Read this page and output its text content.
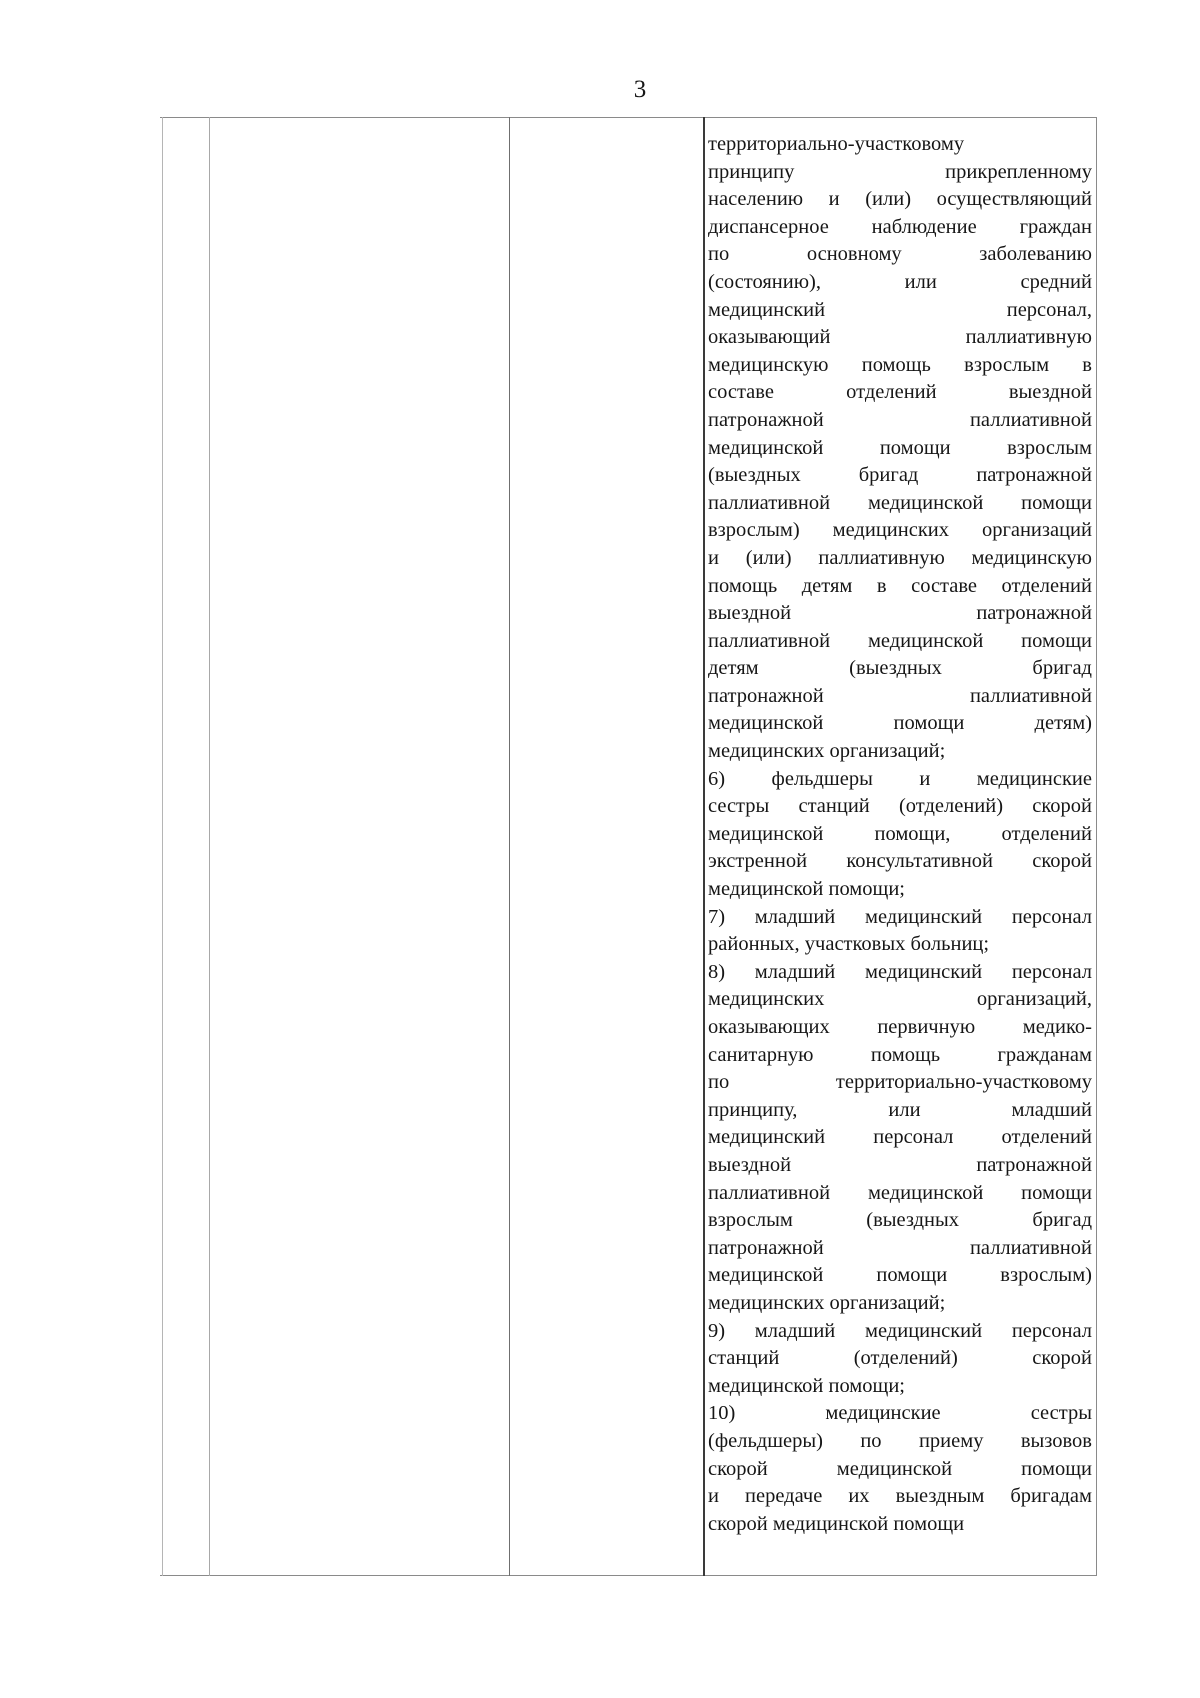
3
территориально-участковому
принципу прикрепленному
населению и (или) осуществляющий
диспансерное наблюдение граждан
по основному заболеванию
(состоянию), или средний
медицинский персонал,
оказывающий паллиативную
медицинскую помощь взрослым в
составе отделений выездной
патронажной паллиативной
медицинской помощи взрослым
(выездных бригад патронажной
паллиативной медицинской помощи
взрослым) медицинских организаций
и (или) паллиативную медицинскую
помощь детям в составе отделений
выездной патронажной
паллиативной медицинской помощи
детям (выездных бригад
патронажной паллиативной
медицинской помощи детям)
медицинских организаций;
6) фельдшеры и медицинские
сестры станций (отделений) скорой
медицинской помощи, отделений
экстренной консультативной скорой
медицинской помощи;
7) младший медицинский персонал
районных, участковых больниц;
8) младший медицинский персонал
медицинских организаций,
оказывающих первичную медико-
санитарную помощь гражданам
по территориально-участковому
принципу, или младший
медицинский персонал отделений
выездной патронажной
паллиативной медицинской помощи
взрослым (выездных бригад
патронажной паллиативной
медицинской помощи взрослым)
медицинских организаций;
9) младший медицинский персонал
станций (отделений) скорой
медицинской помощи;
10) медицинские сестры
(фельдшеры) по приему вызовов
скорой медицинской помощи
и передаче их выездным бригадам
скорой медицинской помощи
